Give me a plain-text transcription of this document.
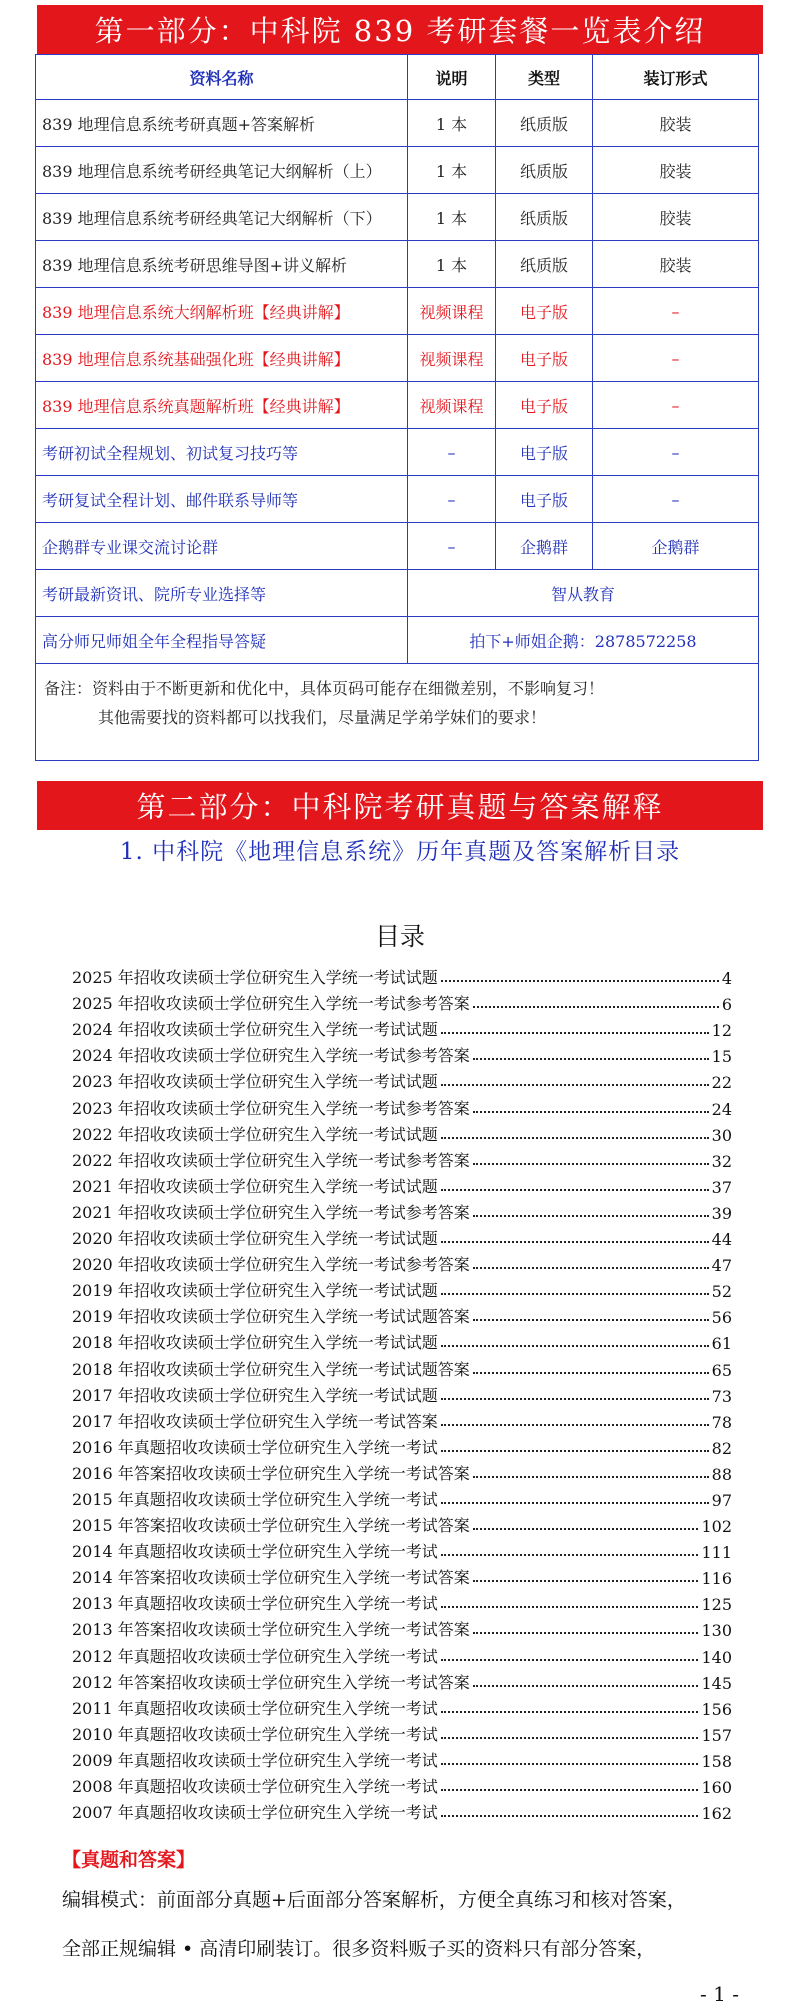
第一部分：中科院 839 考研套餐一览表介绍
资料名称	说明	类型	装订形式
839 地理信息系统考研真题+答案解析	1 本	纸质版	胶装
839 地理信息系统考研经典笔记大纲解析（上）	1 本	纸质版	胶装
839 地理信息系统考研经典笔记大纲解析（下）	1 本	纸质版	胶装
839 地理信息系统考研思维导图+讲义解析	1 本	纸质版	胶装
839 地理信息系统大纲解析班【经典讲解】	视频课程	电子版	–
839 地理信息系统基础强化班【经典讲解】	视频课程	电子版	–
839 地理信息系统真题解析班【经典讲解】	视频课程	电子版	–
考研初试全程规划、初试复习技巧等	–	电子版	–
考研复试全程计划、邮件联系导师等	–	电子版	–
企鹅群专业课交流讨论群	–	企鹅群	企鹅群
考研最新资讯、院所专业选择等	智从教育		
高分师兄师姐全年全程指导答疑	拍下+师姐企鹅：2878572258		

备注：资料由于不断更新和优化中，具体页码可能存在细微差别，不影响复习！
其他需要找的资料都可以找我们，尽量满足学弟学妹们的要求！			
第二部分：中科院考研真题与答案解释
1. 中科院《地理信息系统》历年真题及答案解析目录
目录
2025 年招收攻读硕士学位研究生入学统一考试试题	4
2025 年招收攻读硕士学位研究生入学统一考试参考答案	6
2024 年招收攻读硕士学位研究生入学统一考试试题	12
2024 年招收攻读硕士学位研究生入学统一考试参考答案	15
2023 年招收攻读硕士学位研究生入学统一考试试题	22
2023 年招收攻读硕士学位研究生入学统一考试参考答案	24
2022 年招收攻读硕士学位研究生入学统一考试试题	30
2022 年招收攻读硕士学位研究生入学统一考试参考答案	32
2021 年招收攻读硕士学位研究生入学统一考试试题	37
2021 年招收攻读硕士学位研究生入学统一考试参考答案	39
2020 年招收攻读硕士学位研究生入学统一考试试题	44
2020 年招收攻读硕士学位研究生入学统一考试参考答案	47
2019 年招收攻读硕士学位研究生入学统一考试试题	52
2019 年招收攻读硕士学位研究生入学统一考试试题答案	56
2018 年招收攻读硕士学位研究生入学统一考试试题	61
2018 年招收攻读硕士学位研究生入学统一考试试题答案	65
2017 年招收攻读硕士学位研究生入学统一考试试题	73
2017 年招收攻读硕士学位研究生入学统一考试答案	78
2016 年真题招收攻读硕士学位研究生入学统一考试	82
2016 年答案招收攻读硕士学位研究生入学统一考试答案	88
2015 年真题招收攻读硕士学位研究生入学统一考试	97
2015 年答案招收攻读硕士学位研究生入学统一考试答案	102
2014 年真题招收攻读硕士学位研究生入学统一考试	111
2014 年答案招收攻读硕士学位研究生入学统一考试答案	116
2013 年真题招收攻读硕士学位研究生入学统一考试	125
2013 年答案招收攻读硕士学位研究生入学统一考试答案	130
2012 年真题招收攻读硕士学位研究生入学统一考试	140
2012 年答案招收攻读硕士学位研究生入学统一考试答案	145
2011 年真题招收攻读硕士学位研究生入学统一考试	156
2010 年真题招收攻读硕士学位研究生入学统一考试	157
2009 年真题招收攻读硕士学位研究生入学统一考试	158
2008 年真题招收攻读硕士学位研究生入学统一考试	160
2007 年真题招收攻读硕士学位研究生入学统一考试	162
【真题和答案】
编辑模式：前面部分真题+后面部分答案解析，方便全真练习和核对答案，
全部正规编辑 • 高清印刷装订。很多资料贩子买的资料只有部分答案，
- 1 -
